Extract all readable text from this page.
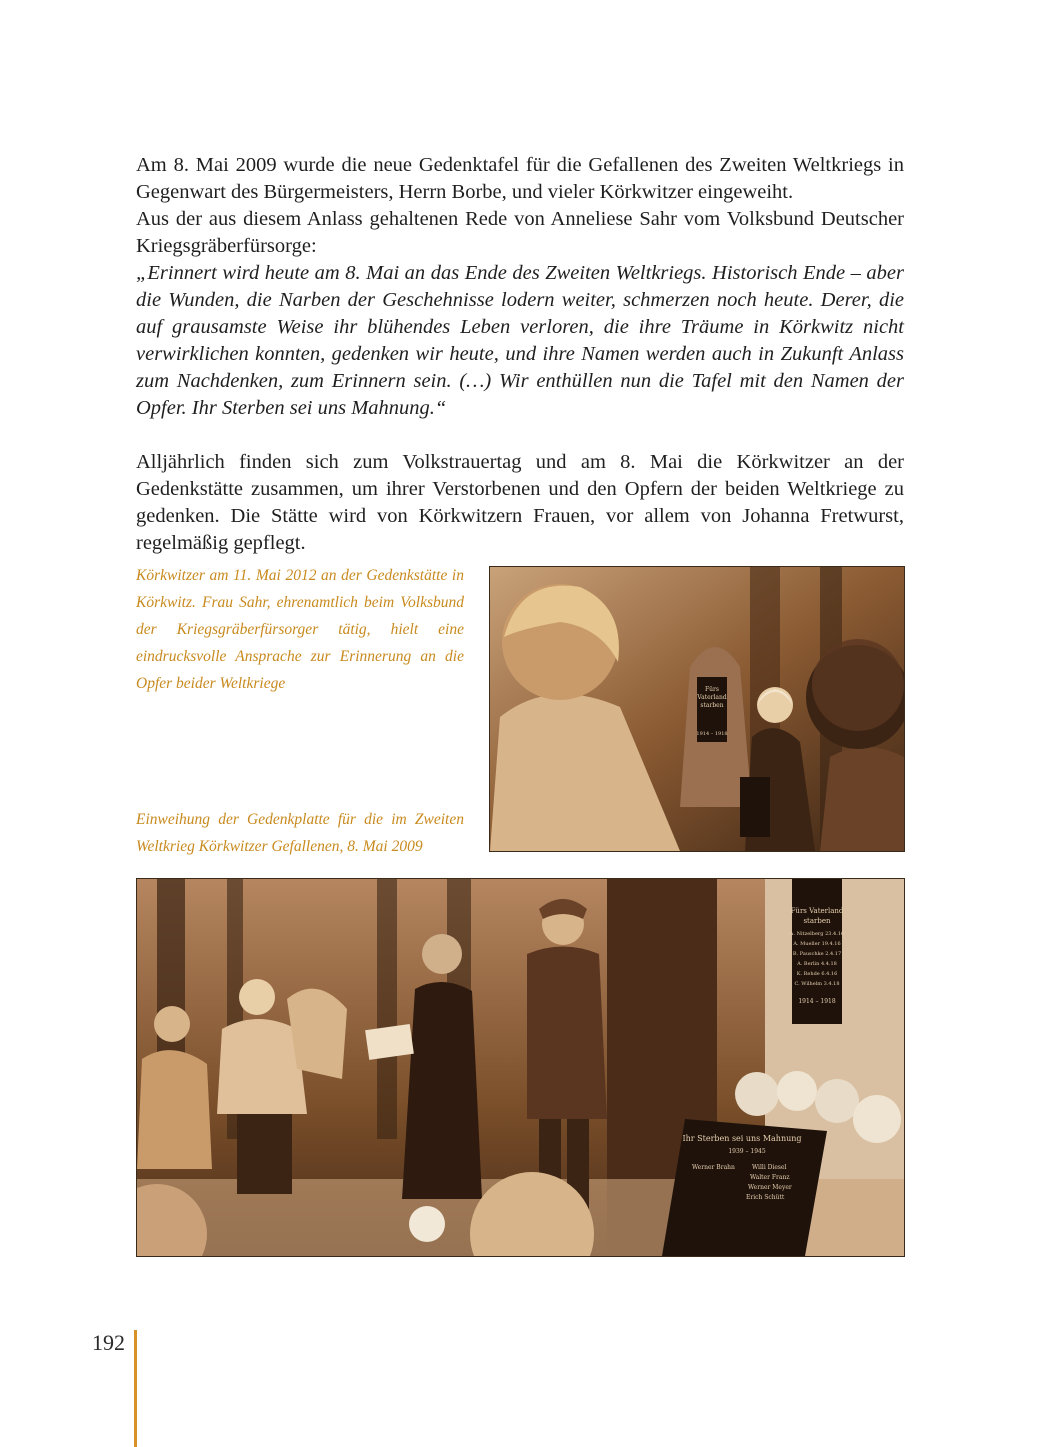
Am 8. Mai 2009 wurde die neue Gedenktafel für die Gefallenen des Zweiten Weltkriegs in Gegenwart des Bürgermeisters, Herrn Borbe, und vieler Körkwitzer eingeweiht.

Aus der aus diesem Anlass gehaltenen Rede von Anneliese Sahr vom Volksbund Deutscher Kriegsgräberfürsorge:

„Erinnert wird heute am 8. Mai an das Ende des Zweiten Weltkriegs. Historisch Ende – aber die Wunden, die Narben der Geschehnisse lodern weiter, schmerzen noch heute. Derer, die auf grausamste Weise ihr blühendes Leben verloren, die ihre Träume in Körkwitz nicht verwirklichen konnten, gedenken wir heute, und ihre Namen werden auch in Zukunft Anlass zum Nachdenken, zum Erinnern sein. (…) Wir enthüllen nun die Tafel mit den Namen der Opfer. Ihr Sterben sei uns Mahnung.“

Alljährlich finden sich zum Volkstrauertag und am 8. Mai die Körkwitzer an der Gedenkstätte zusammen, um ihrer Verstorbenen und den Opfern der beiden Weltkriege zu gedenken. Die Stätte wird von Körkwitzern Frauen, vor allem von Johanna Fretwurst, regelmäßig gepflegt.

Körkwitzer am 11. Mai 2012 an der Gedenkstätte in Körkwitz. Frau Sahr, ehrenamtlich beim Volksbund der Kriegsgräberfürsorger tätig, hielt eine eindrucksvolle Ansprache zur Erinnerung an die Opfer beider Weltkriege
Einweihung der Gedenkplatte für die im Zweiten Weltkrieg Körkwitzer Gefallenen, 8. Mai 2009
Fürs
Vaterland
starben
1914 – 1918
Fürs Vaterland
starben
A. Nitzelberg 23.4.16
A. Mueller 19.4.16
B. Pauschke 2.4.17
A. Berlin 4.4.18
K. Rehde 6.4.16
C. Wilhelm 3.4.18
1914 – 1918
Ihr Sterben sei uns Mahnung
1939 – 1945
Werner Brahn	Willi Diesel
Walter Franz
Werner Meyer
Erich Schütt
192
